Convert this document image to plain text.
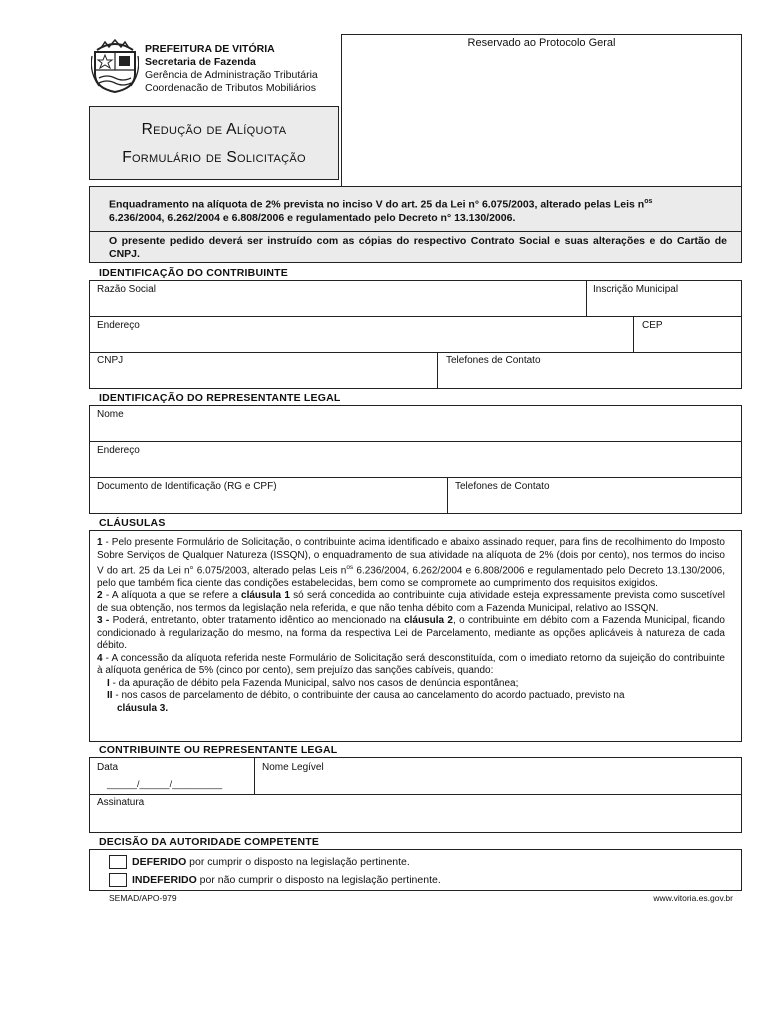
PREFEITURA DE VITÓRIA
Secretaria de Fazenda
Gerência de Administração Tributária
Coordenacão de Tributos Mobiliários
Reservado ao Protocolo Geral
Redução de Alíquota
Formulário de Solicitação
Enquadramento na alíquota de 2% prevista no inciso V do art. 25 da Lei n° 6.075/2003, alterado pelas Leis $n^{os}$
6.236/2004, 6.262/2004 e 6.808/2006 e regulamentado pelo Decreto n° 13.130/2006.
O presente pedido deverá ser instruído com as cópias do respectivo Contrato Social e suas alterações e do Cartão de CNPJ.
IDENTIFICAÇÃO DO CONTRIBUINTE
Razão Social	Inscrição Municipal
Endereço	CEP
CNPJ	Telefones de Contato
IDENTIFICAÇÃO DO REPRESENTANTE LEGAL
Nome
Endereço
Documento de Identificação (RG e CPF)	Telefones de Contato
CLÁUSULAS

1 - Pelo presente Formulário de Solicitação, o contribuinte acima identificado e abaixo assinado requer, para fins de recolhimento do Imposto Sobre Serviços de Qualquer Natureza (ISSQN), o enquadramento de sua atividade na alíquota de 2% (dois por cento), nos termos do inciso V do art. 25 da Lei n° 6.075/2003, alterado pelas Leis $n^{os}$ 6.236/2004, 6.262/2004 e 6.808/2006 e regulamentado pelo Decreto 13.130/2006, pelo que também fica ciente das condições estabelecidas, bem como se compromete ao cumprimento dos requisitos exigidos.

2 - A alíquota a que se refere a cláusula 1 só será concedida ao contribuinte cuja atividade esteja expressamente prevista como suscetível de sua obtenção, nos termos da legislação nela referida, e que não tenha débito com a Fazenda Municipal, relativo ao ISSQN.

3 - Poderá, entretanto, obter tratamento idêntico ao mencionado na cláusula 2, o contribuinte em débito com a Fazenda Municipal, ficando condicionado à regularização do mesmo, na forma da respectiva Lei de Parcelamento, mediante as opções aplicáveis à natureza de cada débito.

4 - A concessão da alíquota referida neste Formulário de Solicitação será desconstituída, com o imediato retorno da sujeição do contribuinte à alíquota genérica de 5% (cinco por cento), sem prejuízo das sanções cabíveis, quando:

I - da apuração de débito pela Fazenda Municipal, salvo nos casos de denúncia espontânea;

II - nos casos de parcelamento de débito, o contribuinte der causa ao cancelamento do acordo pactuado, previsto na
cláusula 3.

CONTRIBUINTE OU REPRESENTANTE LEGAL
Data
______/______/__________
Nome Legível
Assinatura
DECISÃO DA AUTORIDADE COMPETENTE
DEFERIDO por cumprir o disposto na legislação pertinente.
INDEFERIDO por não cumprir o disposto na legislação pertinente.
SEMAD/APO-979	www.vitoria.es.gov.br
